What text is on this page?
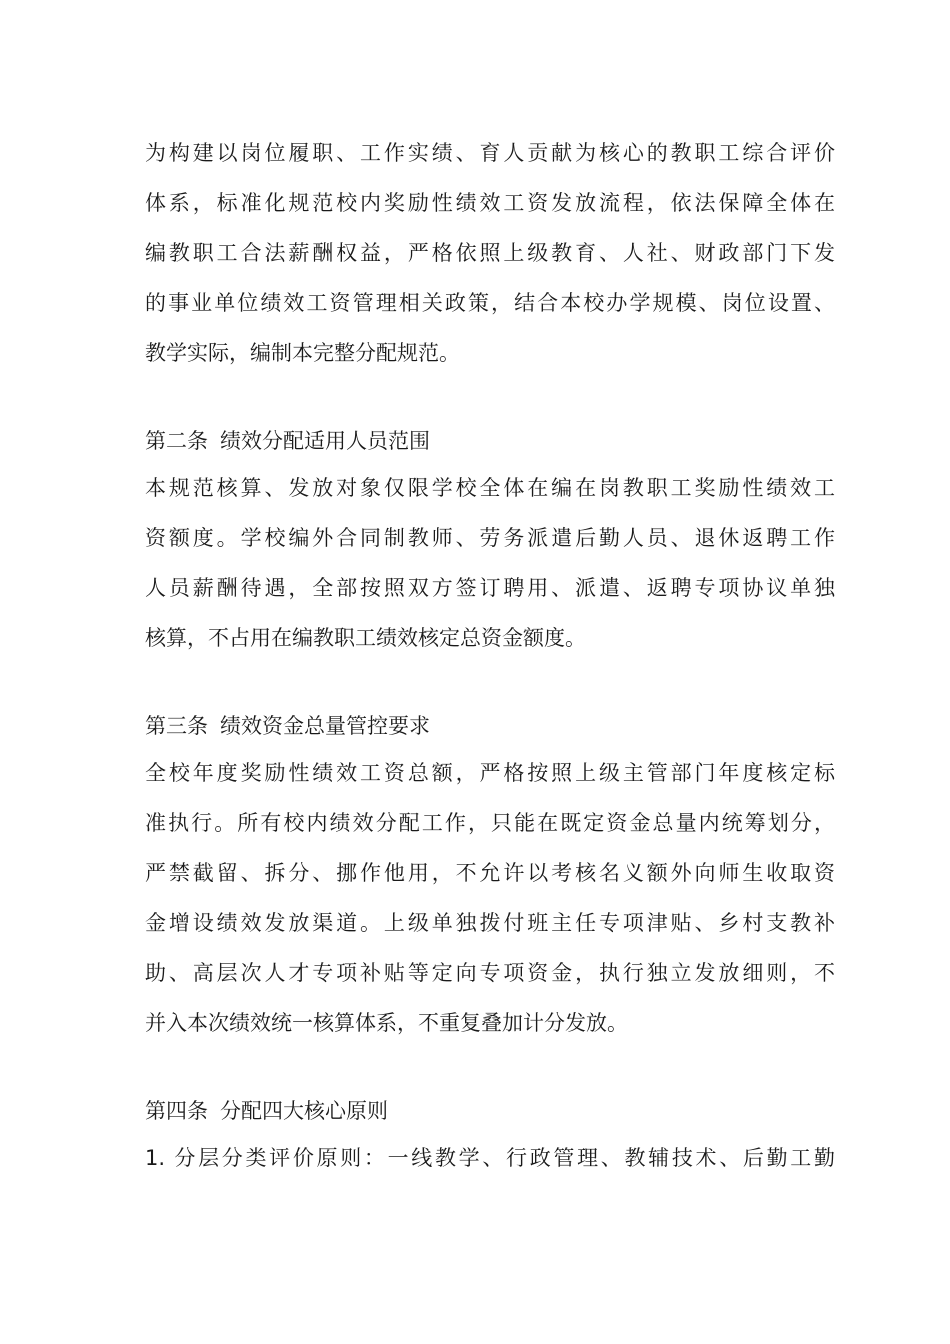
为构建以岗位履职、工作实绩、育人贡献为核心的教职工综合评价
体系，标准化规范校内奖励性绩效工资发放流程，依法保障全体在
编教职工合法薪酬权益，严格依照上级教育、人社、财政部门下发
的事业单位绩效工资管理相关政策，结合本校办学规模、岗位设置、
教学实际，编制本完整分配规范。
第二条 绩效分配适用人员范围
本规范核算、发放对象仅限学校全体在编在岗教职工奖励性绩效工
资额度。学校编外合同制教师、劳务派遣后勤人员、退休返聘工作
人员薪酬待遇，全部按照双方签订聘用、派遣、返聘专项协议单独
核算，不占用在编教职工绩效核定总资金额度。
第三条 绩效资金总量管控要求
全校年度奖励性绩效工资总额，严格按照上级主管部门年度核定标
准执行。所有校内绩效分配工作，只能在既定资金总量内统筹划分，
严禁截留、拆分、挪作他用，不允许以考核名义额外向师生收取资
金增设绩效发放渠道。上级单独拨付班主任专项津贴、乡村支教补
助、高层次人才专项补贴等定向专项资金，执行独立发放细则，不
并入本次绩效统一核算体系，不重复叠加计分发放。
第四条 分配四大核心原则
1. 分层分类评价原则：一线教学、行政管理、教辅技术、后勤工勤
